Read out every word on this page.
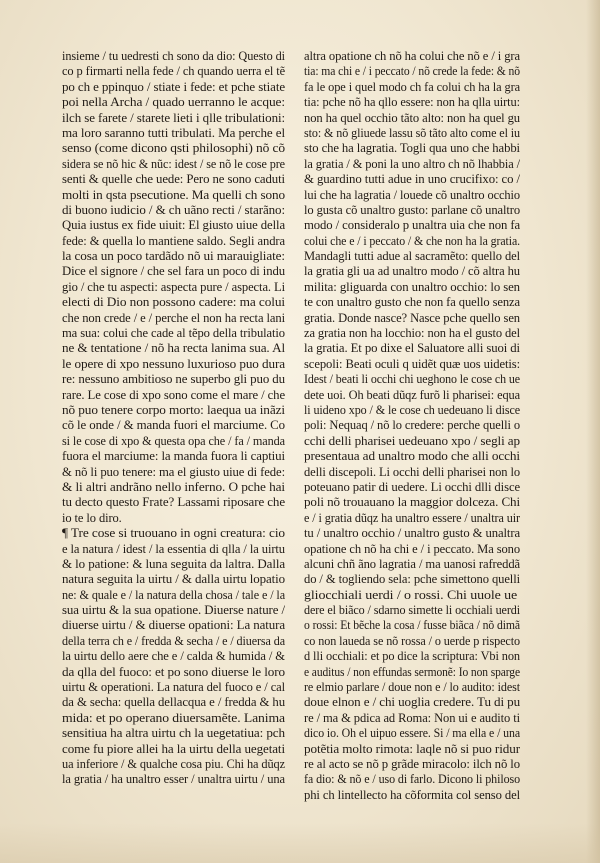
insieme / tu uedresti ch sono da dio: Questo di
co p firmarti nella fede / ch quando uerra el tẽ
po ch e ppinquo / stiate i fede: et pche stiate
poi nella Archa / quado uerranno le acque:
ilch se farete / starete lieti i qlle tribulationi:
ma loro saranno tutti tribulati. Ma perche el
senso (come dicono qsti philosophi) nõ cõ
sidera se nõ hic & nũc: idest / se nõ le cose pre
senti & quelle che uede: Pero ne sono caduti
molti in qsta psecutione. Ma quelli ch sono
di buono iudicio / & ch uãno recti / starãno:
Quia iustus ex fide uiuit: El giusto uiue della
fede: & quella lo mantiene saldo. Segli andra
la cosa un poco tardãdo nõ ui marauigliate:
Dice el signore / che sel fara un poco di indu
gio / che tu aspecti: aspecta pure / aspecta. Li
electi di Dio non possono cadere: ma colui
che non crede / e / perche el non ha recta lani
ma sua: colui che cade al tẽpo della tribulatio
ne & tentatione / nõ ha recta lanima sua. Al
le opere di xpo nessuno luxurioso puo dura
re: nessuno ambitioso ne superbo gli puo du
rare. Le cose di xpo sono come el mare / che
nõ puo tenere corpo morto: laequa ua inãzi
cõ le onde / & manda fuori el marciume. Co
si le cose di xpo & questa opa che / fa / manda
fuora el marciume: la manda fuora li captiui
& nõ li puo tenere: ma el giusto uiue di fede:
& li altri andrãno nello inferno. O pche hai
tu decto questo Frate? Lassami riposare che
io te lo diro.
¶ Tre cose si truouano in ogni creatura: cio
e la natura / idest / la essentia di qlla / la uirtu
& lo patione: & luna seguita da laltra. Dalla
natura seguita la uirtu / & dalla uirtu lopatio
ne: & quale e / la natura della chosa / tale e / la
sua uirtu & la sua opatione. Diuerse nature /
diuerse uirtu / & diuerse opationi: La natura
della terra ch e / fredda & secha / e / diuersa da
la uirtu dello aere che e / calda & humida / &
da qlla del fuoco: et po sono diuerse le loro
uirtu & operationi. La natura del fuoco e / cal
da & secha: quella dellacqua e / fredda & hu
mida: et po operano diuersamẽte. Lanima
sensitiua ha altra uirtu ch la uegetatiua: pch
come fu piore allei ha la uirtu della uegetati
ua inferiore / & qualche cosa piu. Chi ha dũqz
la gratia / ha unaltro esser / unaltra uirtu / una
altra opatione ch nõ ha colui che nõ e / i gra
tia: ma chi e / i peccato / nõ crede la fede: & nõ
fa le ope i quel modo ch fa colui ch ha la gra
tia: pche nõ ha qllo essere: non ha qlla uirtu:
non ha quel occhio tãto alto: non ha quel gu
sto: & nõ gliuede lassu sõ tãto alto come el iu
sto che ha lagratia. Togli qua uno che habbi
la gratia / & poni la uno altro ch nõ lhabbia /
& guardino tutti adue in uno crucifixo: co /
lui che ha lagratia / louede cõ unaltro occhio
lo gusta cõ unaltro gusto: parlane cõ unaltro
modo / consideralo p unaltra uia che non fa
colui che e / i peccato / & che non ha la gratia.
Mandagli tutti adue al sacramẽto: quello del
la gratia gli ua ad unaltro modo / cõ altra hu
milita: gliguarda con unaltro occhio: lo sen
te con unaltro gusto che non fa quello senza
gratia. Donde nasce? Nasce pche quello sen
za gratia non ha locchio: non ha el gusto del
la gratia. Et po dixe el Saluatore alli suoi di
scepoli: Beati oculi q uidẽt quæ uos uidetis:
Idest / beati li occhi chi ueghono le cose ch ue
dete uoi. Oh beati dũqz furõ li pharisei: equa
li uideno xpo / & le cose ch uedeuano li disce
poli: Nequaq / nõ lo credere: perche quelli o
cchi delli pharisei uedeuano xpo / segli ap
presentaua ad unaltro modo che alli occhi
delli discepoli. Li occhi delli pharisei non lo
poteuano patir di uedere. Li occhi dlli disce
poli nõ trouauano la maggior dolceza. Chi
e / i gratia dũqz ha unaltro essere / unaltra uir
tu / unaltro occhio / unaltro gusto & unaltra
opatione ch nõ ha chi e / i peccato. Ma sono
alcuni chñ ãno lagratia / ma uanosi rafreddã
do / & togliendo sela: pche simettono quelli
gliocchiali uerdi / o rossi. Chi uuole ue
dere el biãco / sdarno simette li occhiali uerdi
o rossi: Et bẽche la cosa / fusse biãca / nõ dimã
co non laueda se nõ rossa / o uerde p rispecto
d lli occhiali: et po dice la scriptura: Vbi non
e auditus / non effundas sermonẽ: Io non sparge
re elmio parlare / doue non e / lo audito: idest
doue elnon e / chi uoglia credere. Tu di pu
re / ma & pdica ad Roma: Non ui e audito ti
dico io. Oh el uipuo essere. Si / ma ella e / una
potẽtia molto rimota: laqle nõ si puo ridur
re al acto se nõ p grãde miracolo: ilch nõ lo
fa dio: & nõ e / uso di farlo. Dicono li philoso
phi ch lintellecto ha cõformita col senso del
